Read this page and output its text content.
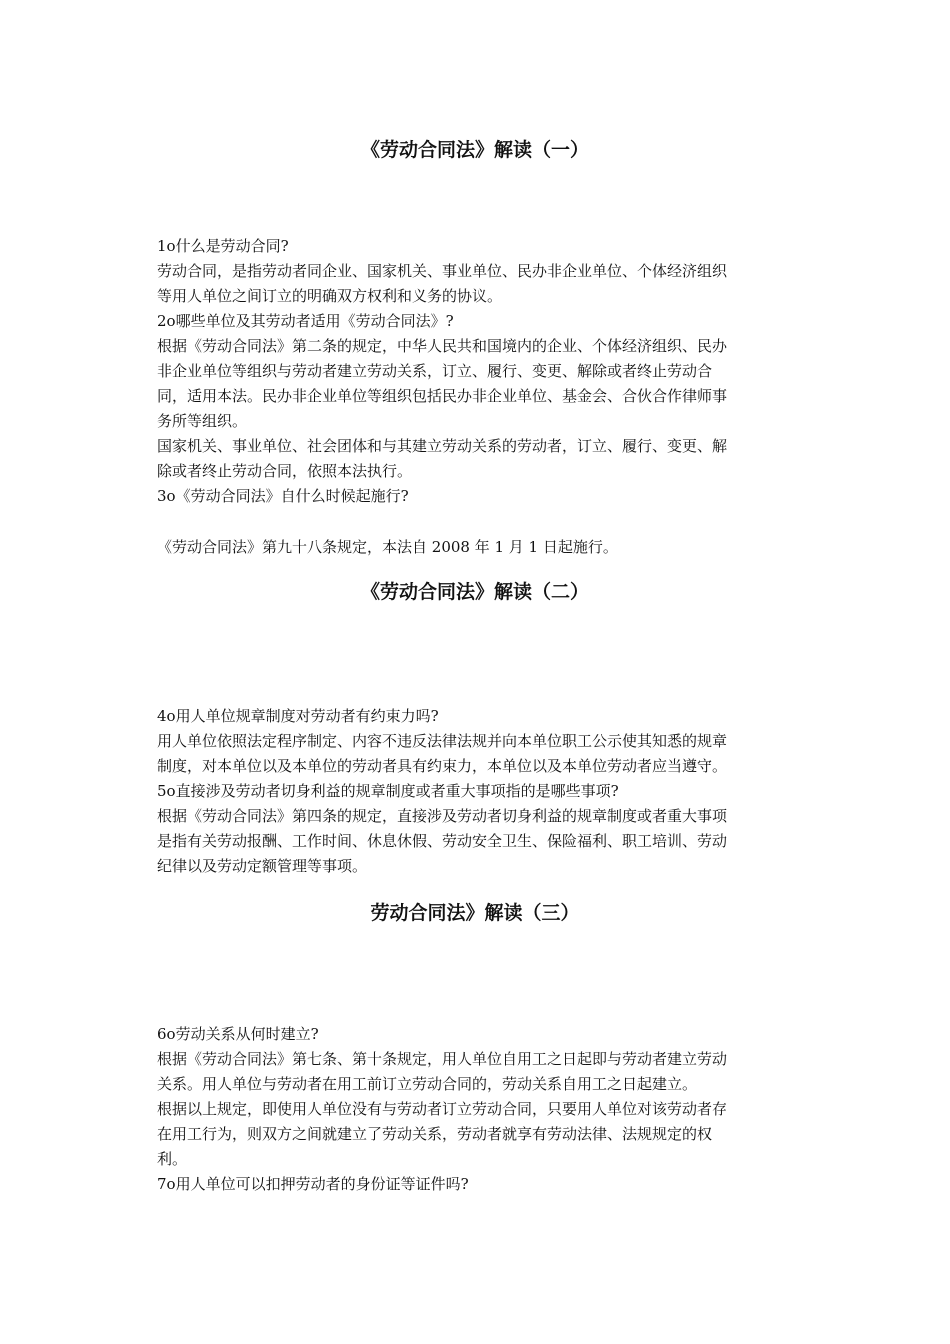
《劳动合同法》解读（一）

1ο什么是劳动合同?

劳动合同，是指劳动者同企业、国家机关、事业单位、民办非企业单位、个体经济组织

等用人单位之间订立的明确双方权利和义务的协议。

2ο哪些单位及其劳动者适用《劳动合同法》?

根据《劳动合同法》第二条的规定，中华人民共和国境内的企业、个体经济组织、民办

非企业单位等组织与劳动者建立劳动关系，订立、履行、变更、解除或者终止劳动合

同，适用本法。民办非企业单位等组织包括民办非企业单位、基金会、合伙合作律师事

务所等组织。

国家机关、事业单位、社会团体和与其建立劳动关系的劳动者，订立、履行、变更、解

除或者终止劳动合同，依照本法执行。

3ο《劳动合同法》自什么时候起施行?

《劳动合同法》第九十八条规定，本法自 2008 年 1 月 1 日起施行。

《劳动合同法》解读（二）

4ο用人单位规章制度对劳动者有约束力吗?

用人单位依照法定程序制定、内容不违反法律法规并向本单位职工公示使其知悉的规章

制度，对本单位以及本单位的劳动者具有约束力，本单位以及本单位劳动者应当遵守。

5ο直接涉及劳动者切身利益的规章制度或者重大事项指的是哪些事项?

根据《劳动合同法》第四条的规定，直接涉及劳动者切身利益的规章制度或者重大事项

是指有关劳动报酬、工作时间、休息休假、劳动安全卫生、保险福利、职工培训、劳动

纪律以及劳动定额管理等事项。

劳动合同法》解读（三）

6ο劳动关系从何时建立?

根据《劳动合同法》第七条、第十条规定，用人单位自用工之日起即与劳动者建立劳动

关系。用人单位与劳动者在用工前订立劳动合同的，劳动关系自用工之日起建立。

根据以上规定，即使用人单位没有与劳动者订立劳动合同，只要用人单位对该劳动者存

在用工行为，则双方之间就建立了劳动关系，劳动者就享有劳动法律、法规规定的权

利。

7ο用人单位可以扣押劳动者的身份证等证件吗?
